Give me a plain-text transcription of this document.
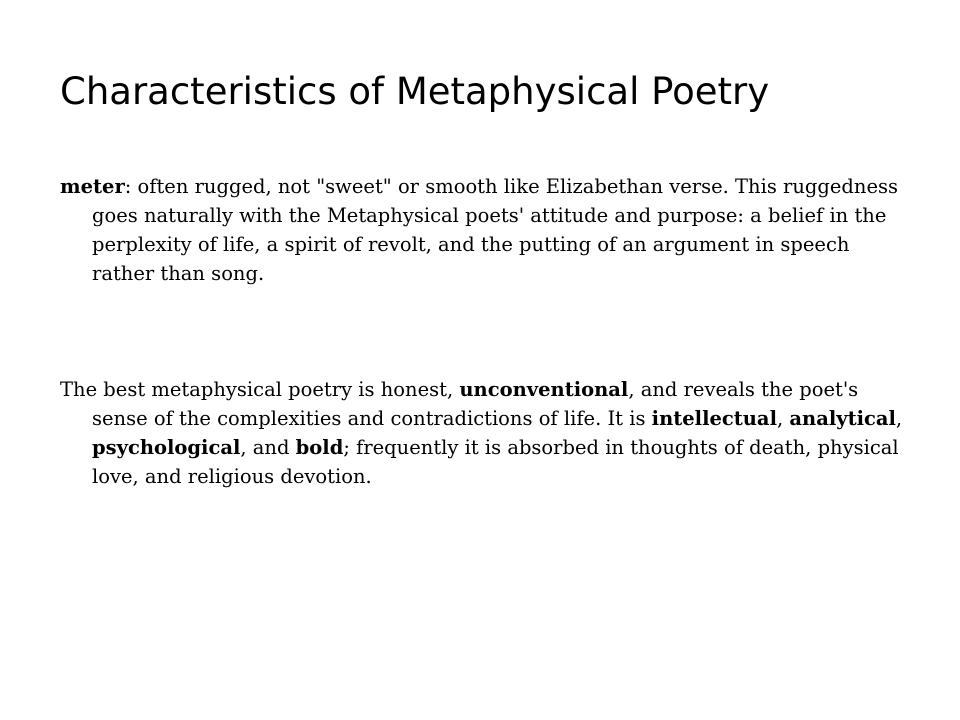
Characteristics of Metaphysical Poetry

meter: often rugged, not "sweet" or smooth like Elizabethan verse. This ruggedness goes naturally with the Metaphysical poets' attitude and purpose: a belief in the perplexity of life, a spirit of revolt, and the putting of an argument in speech rather than song.

The best metaphysical poetry is honest, unconventional, and reveals the poet's sense of the complexities and contradictions of life. It is intellectual, analytical, psychological, and bold; frequently it is absorbed in thoughts of death, physical love, and religious devotion.
